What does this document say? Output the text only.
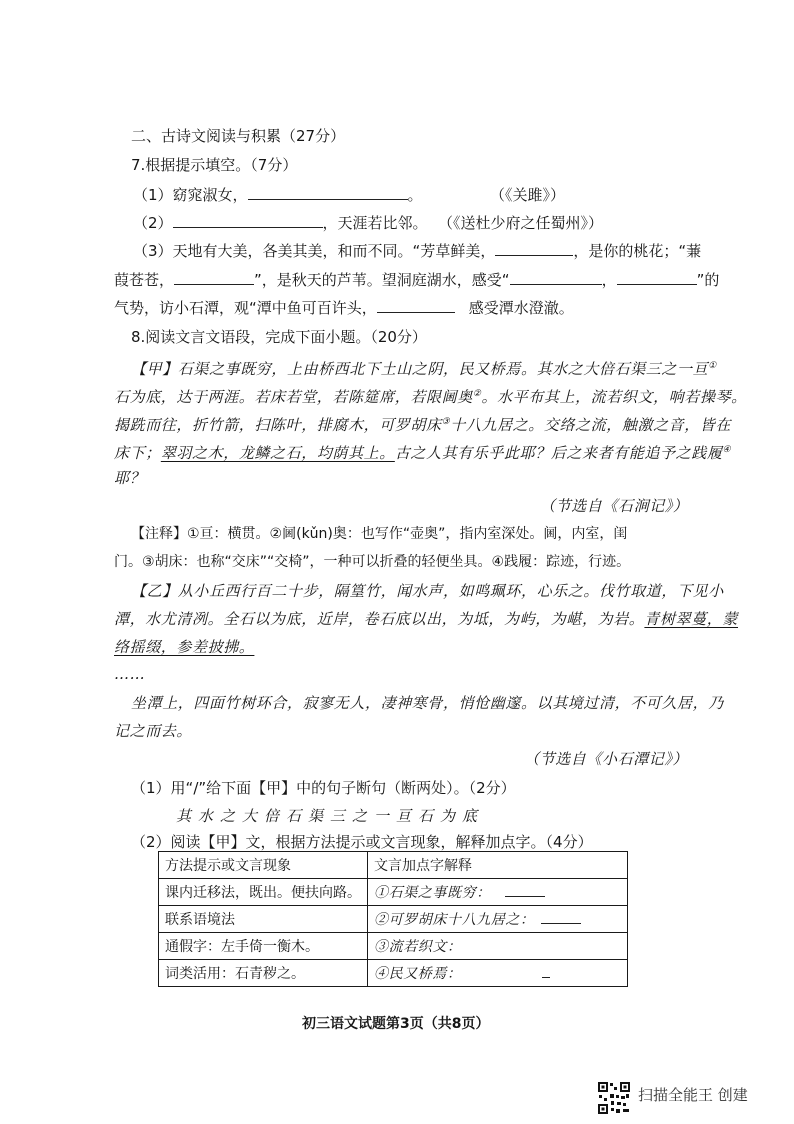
二、古诗文阅读与积累（27分）
7.根据提示填空。（7分）
（1）窈窕淑女，	。	（《关雎》）
（2）	，天涯若比邻。 （《送杜少府之任蜀州》）
（3）天地有大美，各美其美，和而不同。“芳草鲜美，	，是你的桃花；“蒹
葭苍苍，	”，是秋天的芦苇。望洞庭湖水，感受“	，	”的
气势，访小石潭，观“潭中鱼可百许头，	感受潭水澄澈。
8.阅读文言文语段，完成下面小题。（20分）
【甲】石渠之事既穷，上由桥西北下土山之阴，民又桥焉。其水之大倍石渠三之一亘①
石为底，达于两涯。若床若堂，若陈筵席，若限阃奥②。水平布其上，流若织文，响若操琴。
揭跣而往，折竹箭，扫陈叶，排腐木，可罗胡床③十八九居之。交络之流，触激之音，皆在
床下；翠羽之木，龙鳞之石，均荫其上。古之人其有乐乎此耶？后之来者有能追予之践履④
耶？
（节选自《石涧记》）
【注释】①亘：横贯。②阃(kǔn)奥：也写作“壶奥”，指内室深处。阃，内室，闺
门。③胡床：也称“交床”“交椅”，一种可以折叠的轻便坐具。④践履：踪迹，行迹。
【乙】从小丘西行百二十步，隔篁竹，闻水声，如鸣珮环，心乐之。伐竹取道，下见小
潭，水尤清冽。全石以为底，近岸，卷石底以出，为坻，为屿，为嵁，为岩。青树翠蔓，蒙
络摇缀，参差披拂。
……
坐潭上，四面竹树环合，寂寥无人，凄神寒骨，悄怆幽邃。以其境过清，不可久居，乃
记之而去。
（节选自《小石潭记》）
（1）用“/”给下面【甲】中的句子断句（断两处）。（2分）
其水之大倍石渠三之一亘石为底
（2）阅读【甲】文，根据方法提示或文言现象，解释加点字。（4分）
方法提示或文言现象	文言加点字解释
课内迁移法，既出。便扶向路。	①石渠之事既穷：
联系语境法	②可罗胡床十八九居之：
通假字：左手倚一衡木。	③流若织文：
词类活用：石青秽之。	④民又桥焉：
初三语文试题第3页（共8页）
扫描全能王 创建
